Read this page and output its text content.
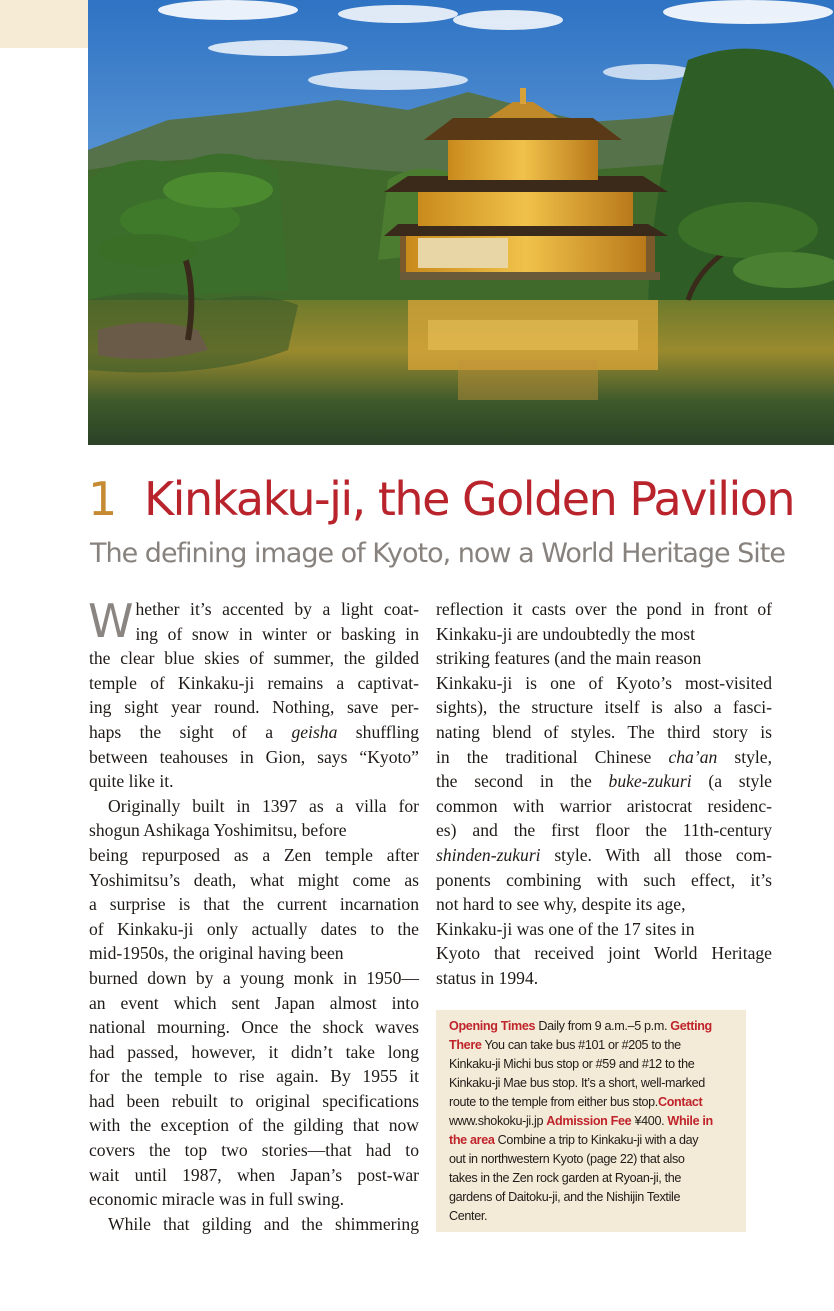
1 Kinkaku-ji, the Golden Pavilion
The defining image of Kyoto, now a World Heritage Site
W hether it’s accented by a light coat-
ing of snow in winter or basking in
the clear blue skies of summer, the gilded
temple of Kinkaku-ji remains a captivat-
ing sight year round. Nothing, save per-
haps the sight of a geisha shuffling
between teahouses in Gion, says “Kyoto”
quite like it.
Originally built in 1397 as a villa for
shogun Ashikaga Yoshimitsu, before
being repurposed as a Zen temple after
Yoshimitsu’s death, what might come as
a surprise is that the current incarnation
of Kinkaku-ji only actually dates to the
mid-1950s, the original having been
burned down by a young monk in 1950—
an event which sent Japan almost into
national mourning. Once the shock waves
had passed, however, it didn’t take long
for the temple to rise again. By 1955 it
had been rebuilt to original specifications
with the exception of the gilding that now
covers the top two stories—that had to
wait until 1987, when Japan’s post-war
economic miracle was in full swing.
While that gilding and the shimmering
reflection it casts over the pond in front of
Kinkaku-ji are undoubtedly the most
striking features (and the main reason
Kinkaku-ji is one of Kyoto’s most-visited
sights), the structure itself is also a fasci-
nating blend of styles. The third story is
in the traditional Chinese cha’an style,
the second in the buke-zukuri (a style
common with warrior aristocrat residenc-
es) and the first floor the 11th-century
shinden-zukuri style. With all those com-
ponents combining with such effect, it’s
not hard to see why, despite its age,
Kinkaku-ji was one of the 17 sites in
Kyoto that received joint World Heritage
status in 1994.
Opening Times Daily from 9 a.m.–5 p.m. Getting
There You can take bus #101 or #205 to the
Kinkaku-ji Michi bus stop or #59 and #12 to the
Kinkaku-ji Mae bus stop. It’s a short, well-marked
route to the temple from either bus stop.Contact
www.shokoku-ji.jp Admission Fee ¥400. While in
the area Combine a trip to Kinkaku-ji with a day
out in northwestern Kyoto (page 22) that also
takes in the Zen rock garden at Ryoan-ji, the
gardens of Daitoku-ji, and the Nishijin Textile
Center.
